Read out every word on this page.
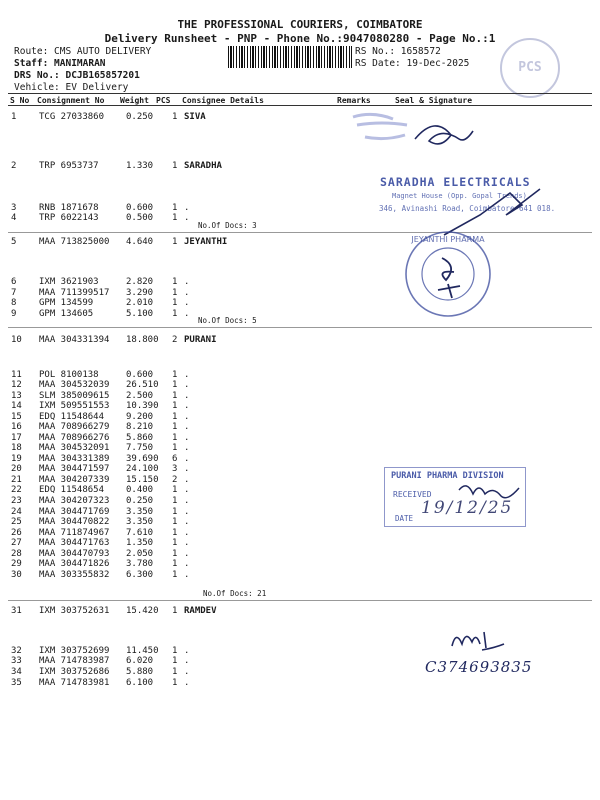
THE PROFESSIONAL COURIERS, COIMBATORE
Delivery Runsheet - PNP - Phone No.:9047080280 - Page No.:1
Route: CMS AUTO DELIVERY
Staff: MANIMARAN
DRS No.: DCJB165857201
Vehicle: EV Delivery
RS No.: 1658572
RS Date: 19-Dec-2025	PCS
S No Consignment No Weight PCS Consignee Details	Remarks	Seal & Signature
1	TCG 27033860 0.250 1 SIVA
2	TRP 6953737	1.330 1 SARADHA
3	RNB 1871678	0.600 1 .
4	TRP 6022143	0.500 1 .
5	MAA 713825000 4.640 1 JEYANTHI
6	IXM 3621903	2.820 1 .
7	MAA 711399517 3.290 1 .
8	GPM 134599	2.010 1 .
9	GPM 134605	5.100 1 .
10 MAA 304331394 18.800 2 PURANI
11 POL 8100138	0.600 1 .
12 MAA 304532039 26.510 1 .
13 SLM 385009615 2.500 1 .
14 IXM 509551553 10.390 1 .
15 EDQ 11548644 9.200 1 .
16 MAA 708966279 8.210 1 .
17 MAA 708966276 5.860 1 .
18 MAA 304532091 7.750 1 .
19 MAA 304331389 39.690 6 .
20 MAA 304471597 24.100 3 .
21 MAA 304207339 15.150 2 .
22 EDQ 11548654 0.400 1 .
23 MAA 304207323 0.250 1 .
24 MAA 304471769 3.350 1 .
25 MAA 304470822 3.350 1 .
26 MAA 711874967 7.610 1 .
27 MAA 304471763 1.350 1 .
28 MAA 304470793 2.050 1 .
29 MAA 304471826 3.780 1 .
30 MAA 303355832 6.300 1 .
31 IXM 303752631 15.420 1 RAMDEV
32 IXM 303752699 11.450 1 .
33 MAA 714783987 6.020 1 .
34 IXM 303752686 5.880 1 .
35 MAA 714783981 6.100 1 .
No.Of Docs: 3
No.Of Docs: 5
No.Of Docs: 21
SARADHA ELECTRICALS
Magnet House (Opp. Gopal Trends)
346, Avinashi Road, Coimbatore-641 018.
JEYANTHI PHARMA
PURANI PHARMA DIVISION
RECEIVED
DATE
19/12/25
C374693835
